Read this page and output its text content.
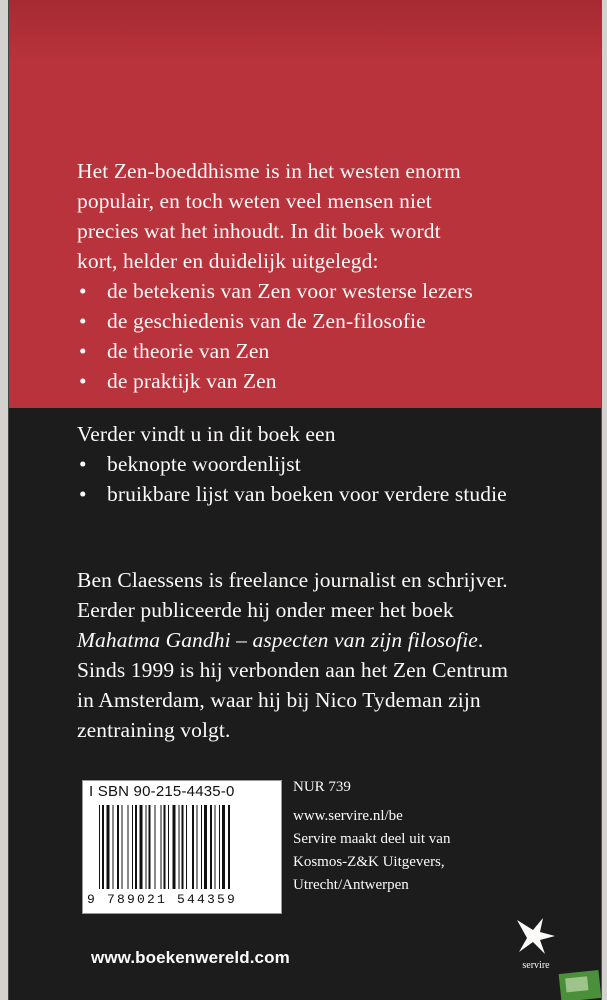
Het Zen-boeddhisme is in het westen enorm

populair, en toch weten veel mensen niet

precies wat het inhoudt. In dit boek wordt

kort, helder en duidelijk uitgelegd:

• de betekenis van Zen voor westerse lezers
• de geschiedenis van de Zen-filosofie
• de theorie van Zen
• de praktijk van Zen

Verder vindt u in dit boek een

• beknopte woordenlijst
• bruikbare lijst van boeken voor verdere studie

Ben Claessens is freelance journalist en schrijver.

Eerder publiceerde hij onder meer het boek

Mahatma Gandhi – aspecten van zijn filosofie.

Sinds 1999 is hij verbonden aan het Zen Centrum

in Amsterdam, waar hij bij Nico Tydeman zijn

zentraining volgt.

I SBN 90-215-4435-0
9 789021 544359
NUR 739
www.servire.nl/be
Servire maakt deel uit van
Kosmos-Z&K Uitgevers,
Utrecht/Antwerpen
www.boekenwereld.com	servire
